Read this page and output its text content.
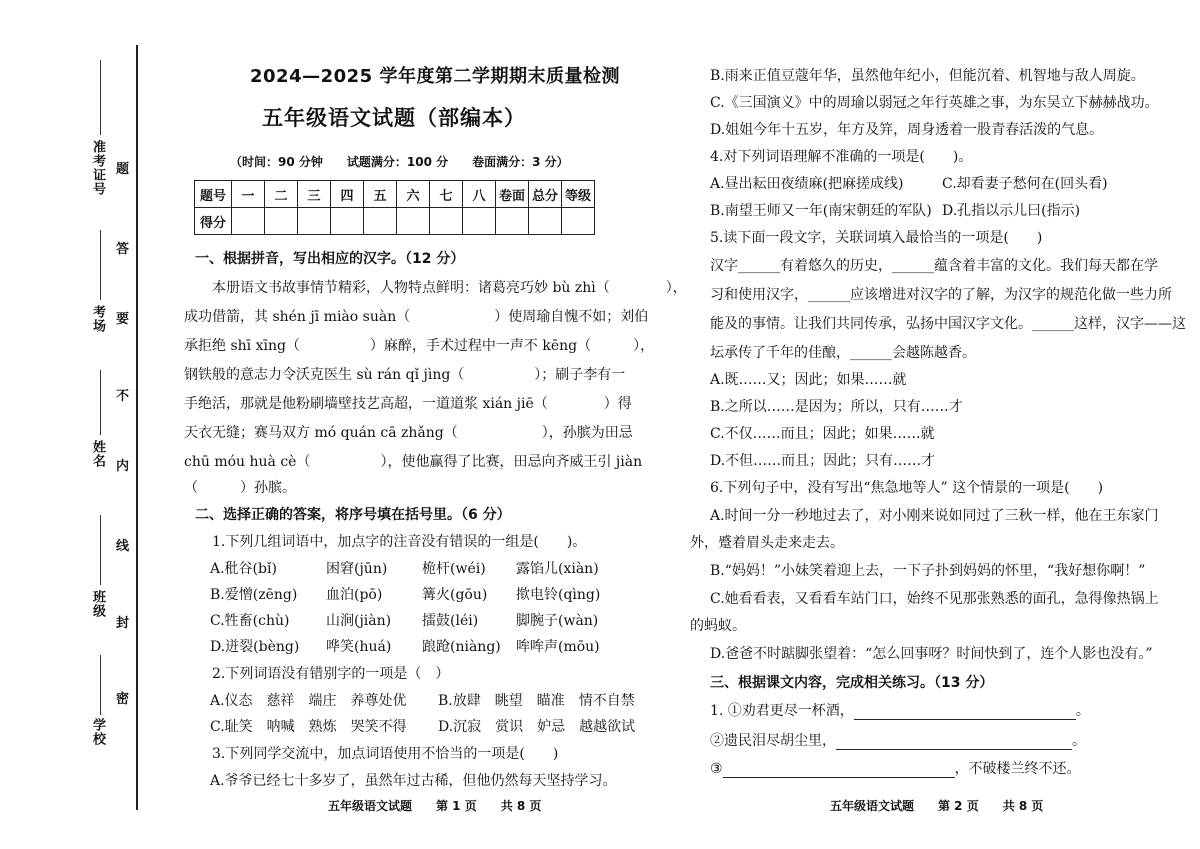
准考证号
考场
姓名
班级
学校
题
答
要
不
内
线
封
密
2024—2025 学年度第二学期期末质量检测
五年级语文试题（部编本）
（时间：90 分钟　　试题满分：100 分　　卷面满分：3 分）
题号	一	二	三	四	五	六	七	八	卷面	总分	等级
得分											
一、根据拼音，写出相应的汉字。（12 分）
本册语文书故事情节精彩，人物特点鲜明：诸葛亮巧妙 bù zhì（　　　　），
成功借箭，其 shén jī miào suàn（　　　　　　）使周瑜自愧不如；刘伯
承拒绝 shī xīng（　　　　　）麻醉，手术过程中一声不 kēng（　　　），
钢铁般的意志力令沃克医生 sù rán qǐ jìng（　　　　　）；刷子李有一
手绝活，那就是他粉刷墙壁技艺高超，一道道浆 xián jiē（　　　　）得
天衣无缝；赛马双方 mó quán cā zhǎng（　　　　　　），孙膑为田忌
chū móu huà cè（　　　　　），使他赢得了比赛，田忌向齐威王引 jiàn
（　　　）孙膑。
二、选择正确的答案，将序号填在括号里。（6 分）
1.下列几组词语中，加点字的注音没有错误的一组是(　　)。
A.秕谷(bǐ)	困窘(jūn) 桅杆(wéi) 露馅儿(xiàn)
B.爱憎(zēng) 血泊(pō)	篝火(gōu) 揿电铃(qìng)
C.牲畜(chù)	山涧(jiàn) 擂鼓(léi)	脚腕子(wàn)
D.迸裂(bèng) 哗笑(huá) 踉跄(niàng) 哞哞声(mōu)
2.下列词语没有错别字的一项是（　）
A.仪态　慈祥　端庄　养尊处优 B.放肆　眺望　瞄准　情不自禁
C.耻笑　呐喊　熟炼　哭笑不得 D.沉寂　赏识　妒忌　越越欲试
3.下列同学交流中，加点词语使用不恰当的一项是(　　)
A.爷爷已经七十多岁了，虽然年过古稀，但他仍然每天坚持学习。
五年级语文试题　　第 1 页　　共 8 页
B.雨来正值豆蔻年华，虽然他年纪小，但能沉着、机智地与敌人周旋。
C.《三国演义》中的周瑜以弱冠之年行英雄之事，为东吴立下赫赫战功。
D.姐姐今年十五岁，年方及笄，周身透着一股青春活泼的气息。
4.对下列词语理解不准确的一项是(　　)。
A.昼出耘田夜绩麻(把麻搓成线)	C.却看妻子愁何在(回头看)
B.南望王师又一年(南宋朝廷的军队) D.孔指以示儿曰(指示)
5.读下面一段文字，关联词填入最恰当的一项是(　　)
汉字______有着悠久的历史，______蕴含着丰富的文化。我们每天都在学
习和使用汉字，______应该增进对汉字的了解，为汉字的规范化做一些力所
能及的事情。让我们共同传承，弘扬中国汉字文化。______这样，汉字——这
坛承传了千年的佳酿，______会越陈越香。
A.既……又；因此；如果……就
B.之所以……是因为；所以，只有……才
C.不仅……而且；因此；如果……就
D.不但……而且；因此；只有……才
6.下列句子中，没有写出“焦急地等人” 这个情景的一项是(　　)
A.时间一分一秒地过去了，对小刚来说如同过了三秋一样，他在王东家门
外，蹙着眉头走来走去。
B.“妈妈！”小妹笑着迎上去，一下子扑到妈妈的怀里，“我好想你啊！”
C.她看看表，又看看车站门口，始终不见那张熟悉的面孔，急得像热锅上
的蚂蚁。
D.爸爸不时踮脚张望着：“怎么回事呀？时间快到了，连个人影也没有。”
三、根据课文内容，完成相关练习。（13 分）
1. ①劝君更尽一杯酒，	。
②遗民泪尽胡尘里，	。
③	，不破楼兰终不还。
五年级语文试题　　第 2 页　　共 8 页
